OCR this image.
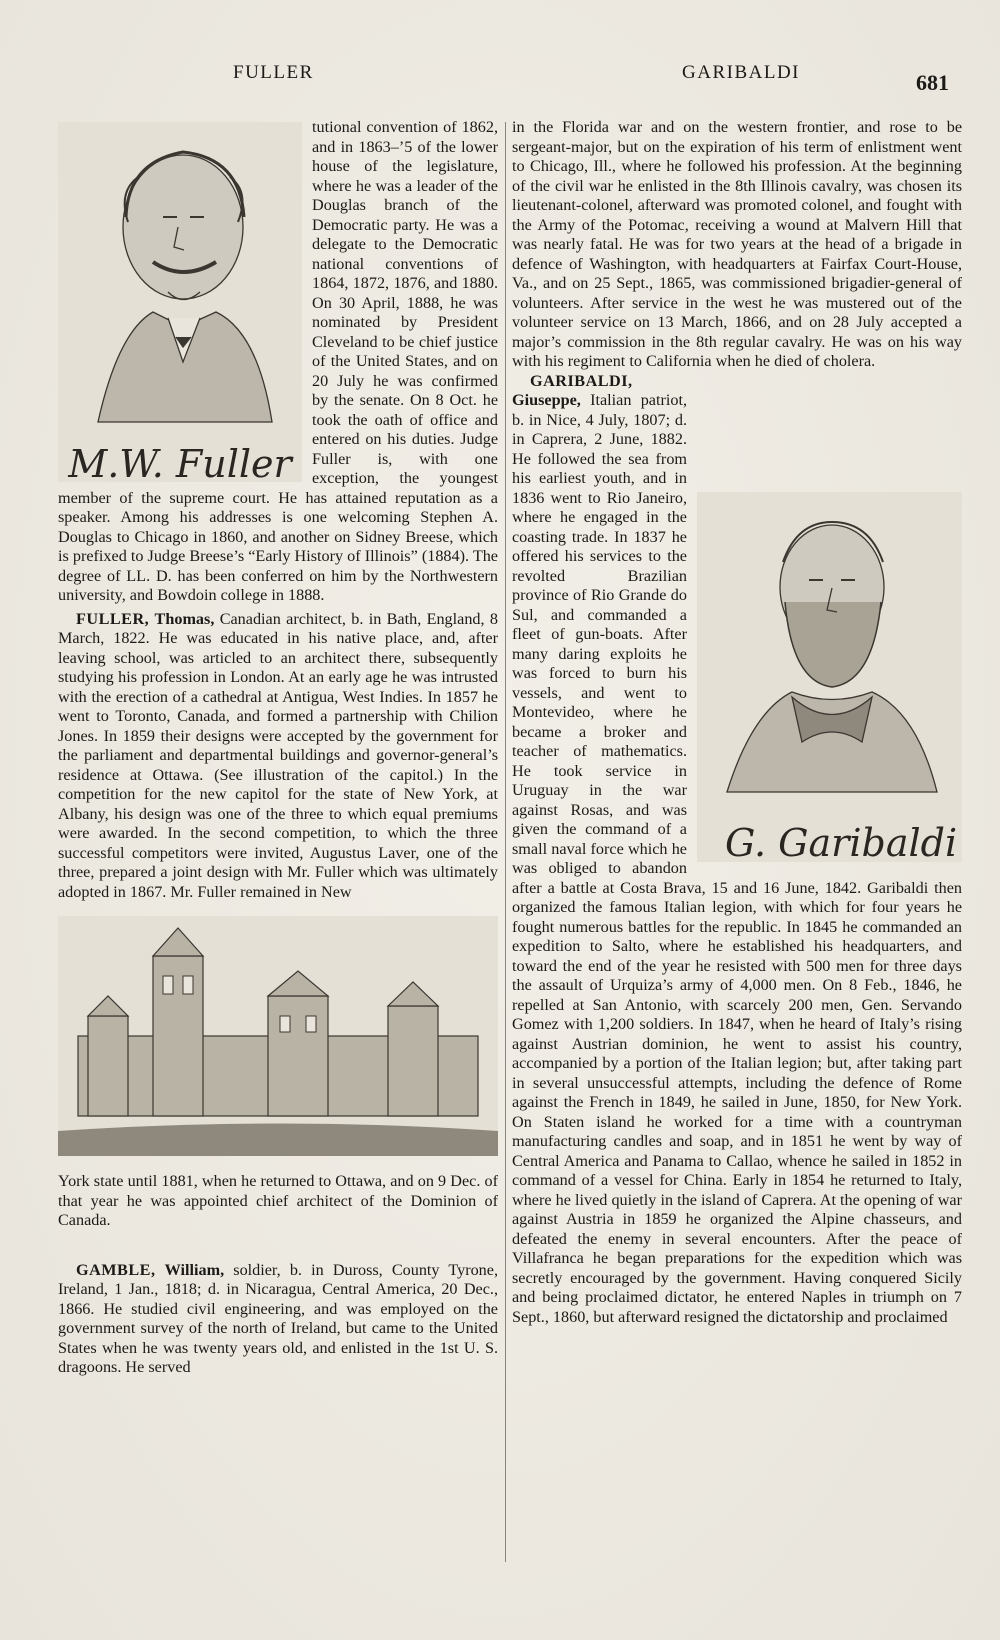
FULLER	GARIBALDI	681

M.W. Fuller
tutional convention of 1862, and in 1863–’5 of the lower house of the legislature, where he was a leader of the Douglas branch of the Democratic party. He was a delegate to the Democratic national conventions of 1864, 1872, 1876, and 1880. On 30 April, 1888, he was nominated by President Cleveland to be chief justice of the United States, and on 20 July he was confirmed by the senate. On 8 Oct. he took the oath of office and entered on his duties. Judge Fuller is, with one exception, the youngest member of the supreme court. He has attained reputation as a speaker. Among his addresses is one welcoming Stephen A. Douglas to Chicago in 1860, and another on Sidney Breese, which is prefixed to Judge Breese’s “Early History of Illinois” (1884). The degree of LL. D. has been conferred on him by the Northwestern university, and Bowdoin college in 1888.

FULLER, Thomas, Canadian architect, b. in Bath, England, 8 March, 1822. He was educated in his native place, and, after leaving school, was articled to an architect there, subsequently studying his profession in London. At an early age he was intrusted with the erection of a cathedral at Antigua, West Indies. In 1857 he went to Toronto, Canada, and formed a partnership with Chilion Jones. In 1859 their designs were accepted by the government for the parliament and departmental buildings and governor-general’s residence at Ottawa. (See illustration of the capitol.) In the competition for the new capitol for the state of New York, at Albany, his design was one of the three to which equal premiums were awarded. In the second competition, to which the three successful competitors were invited, Augustus Laver, one of the three, prepared a joint design with Mr. Fuller which was ultimately adopted in 1867. Mr. Fuller remained in New

York state until 1881, when he returned to Ottawa, and on 9 Dec. of that year he was appointed chief architect of the Dominion of Canada.

GAMBLE, William, soldier, b. in Duross, County Tyrone, Ireland, 1 Jan., 1818; d. in Nicaragua, Central America, 20 Dec., 1866. He studied civil engineering, and was employed on the government survey of the north of Ireland, but came to the United States when he was twenty years old, and enlisted in the 1st U. S. dragoons. He served

in the Florida war and on the western frontier, and rose to be sergeant-major, but on the expiration of his term of enlistment went to Chicago, Ill., where he followed his profession. At the beginning of the civil war he enlisted in the 8th Illinois cavalry, was chosen its lieutenant-colonel, afterward was promoted colonel, and fought with the Army of the Potomac, receiving a wound at Malvern Hill that was nearly fatal. He was for two years at the head of a brigade in defence of Washington, with headquarters at Fairfax Court-House, Va., and on 25 Sept., 1865, was commissioned brigadier-general of volunteers. After service in the west he was mustered out of the volunteer service on 13 March, 1866, and on 28 July accepted a major’s commission in the 8th regular cavalry. He was on his way with his regiment to California when he died of cholera.

G. Garibaldi
GARIBALDI, Giuseppe, Italian patriot, b. in Nice, 4 July, 1807; d. in Caprera, 2 June, 1882. He followed the sea from his earliest youth, and in 1836 went to Rio Janeiro, where he engaged in the coasting trade. In 1837 he offered his services to the revolted Brazilian province of Rio Grande do Sul, and commanded a fleet of gun-boats. After many daring exploits he was forced to burn his vessels, and went to Montevideo, where he became a broker and teacher of mathematics. He took service in Uruguay in the war against Rosas, and was given the command of a small naval force which he was obliged to abandon after a battle at Costa Brava, 15 and 16 June, 1842. Garibaldi then organized the famous Italian legion, with which for four years he fought numerous battles for the republic. In 1845 he commanded an expedition to Salto, where he established his headquarters, and toward the end of the year he resisted with 500 men for three days the assault of Urquiza’s army of 4,000 men. On 8 Feb., 1846, he repelled at San Antonio, with scarcely 200 men, Gen. Servando Gomez with 1,200 soldiers. In 1847, when he heard of Italy’s rising against Austrian dominion, he went to assist his country, accompanied by a portion of the Italian legion; but, after taking part in several unsuccessful attempts, including the defence of Rome against the French in 1849, he sailed in June, 1850, for New York. On Staten island he worked for a time with a countryman manufacturing candles and soap, and in 1851 he went by way of Central America and Panama to Callao, whence he sailed in 1852 in command of a vessel for China. Early in 1854 he returned to Italy, where he lived quietly in the island of Caprera. At the opening of war against Austria in 1859 he organized the Alpine chasseurs, and defeated the enemy in several encounters. After the peace of Villafranca he began preparations for the expedition which was secretly encouraged by the government. Having conquered Sicily and being proclaimed dictator, he entered Naples in triumph on 7 Sept., 1860, but afterward resigned the dictatorship and proclaimed
